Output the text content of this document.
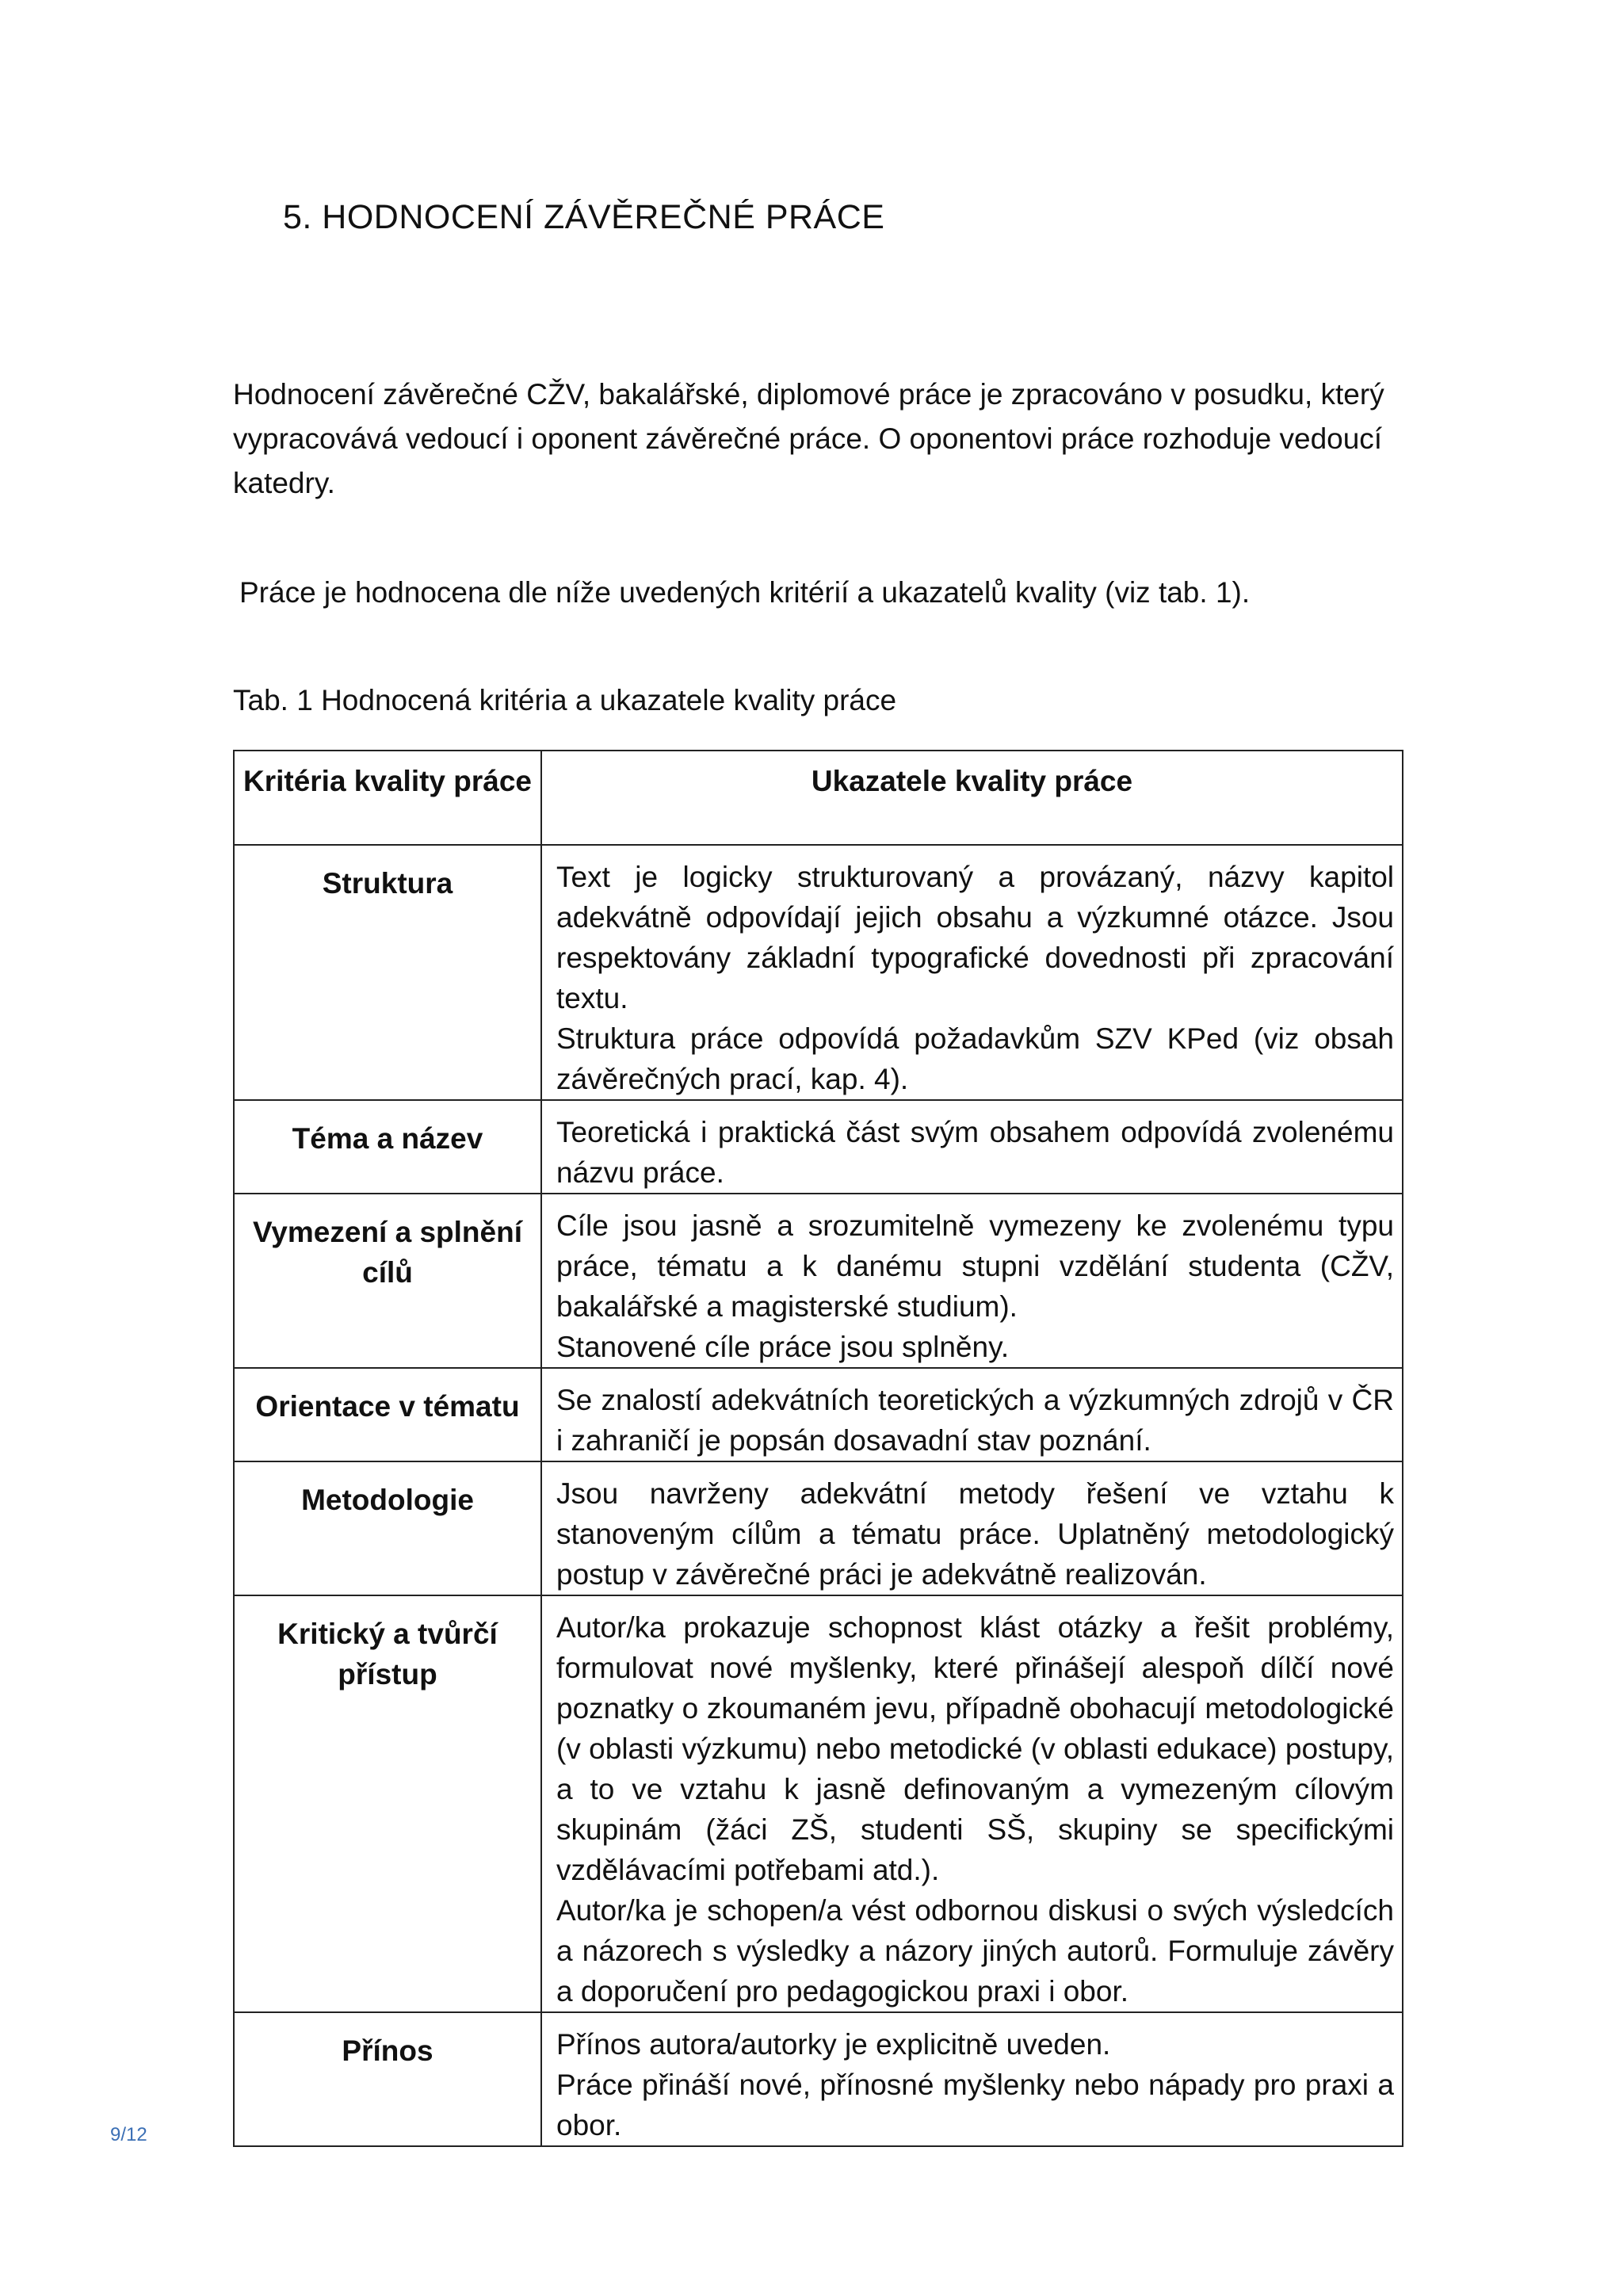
5. HODNOCENÍ ZÁVĚREČNÉ PRÁCE

Hodnocení závěrečné CŽV, bakalářské, diplomové práce je zpracováno v posudku, který vypracovává vedoucí i oponent závěrečné práce. O oponentovi práce rozhoduje vedoucí katedry.

Práce je hodnocena dle níže uvedených kritérií a ukazatelů kvality (viz tab. 1).

Tab. 1 Hodnocená kritéria a ukazatele kvality práce

Kritéria kvality práce	Ukazatele kvality práce
Struktura	Text je logicky strukturovaný a provázaný, názvy kapitol adekvátně odpovídají jejich obsahu a výzkumné otázce. Jsou respektovány základní typografické dovednosti při zpracování textu.
Struktura práce odpovídá požadavkům SZV KPed (viz obsah závěrečných prací, kap. 4).

Téma a název	Teoretická i praktická část svým obsahem odpovídá zvolenému názvu práce.

Vymezení a splnění cílů	Cíle jsou jasně a srozumitelně vymezeny ke zvolenému typu práce, tématu a k danému stupni vzdělání studenta (CŽV, bakalářské a magisterské studium).
Stanovené cíle práce jsou splněny.

Orientace v tématu	Se znalostí adekvátních teoretických a výzkumných zdrojů v ČR i zahraničí je popsán dosavadní stav poznání.

Metodologie	Jsou navrženy adekvátní metody řešení ve vztahu k stanoveným cílům a tématu práce. Uplatněný metodologický postup v závěrečné práci je adekvátně realizován.

Kritický a tvůrčí přístup	Autor/ka prokazuje schopnost klást otázky a řešit problémy, formulovat nové myšlenky, které přinášejí alespoň dílčí nové poznatky o zkoumaném jevu, případně obohacují metodologické (v oblasti výzkumu) nebo metodické (v oblasti edukace) postupy, a to ve vztahu k jasně definovaným a vymezeným cílovým skupinám (žáci ZŠ, studenti SŠ, skupiny se specifickými vzdělávacími potřebami atd.).
Autor/ka je schopen/a vést odbornou diskusi o svých výsledcích a názorech s výsledky a názory jiných autorů. Formuluje závěry a doporučení pro pedagogickou praxi i obor.

Přínos	Přínos autora/autorky je explicitně uveden.
Práce přináší nové, přínosné myšlenky nebo nápady pro praxi a obor.
9/12
